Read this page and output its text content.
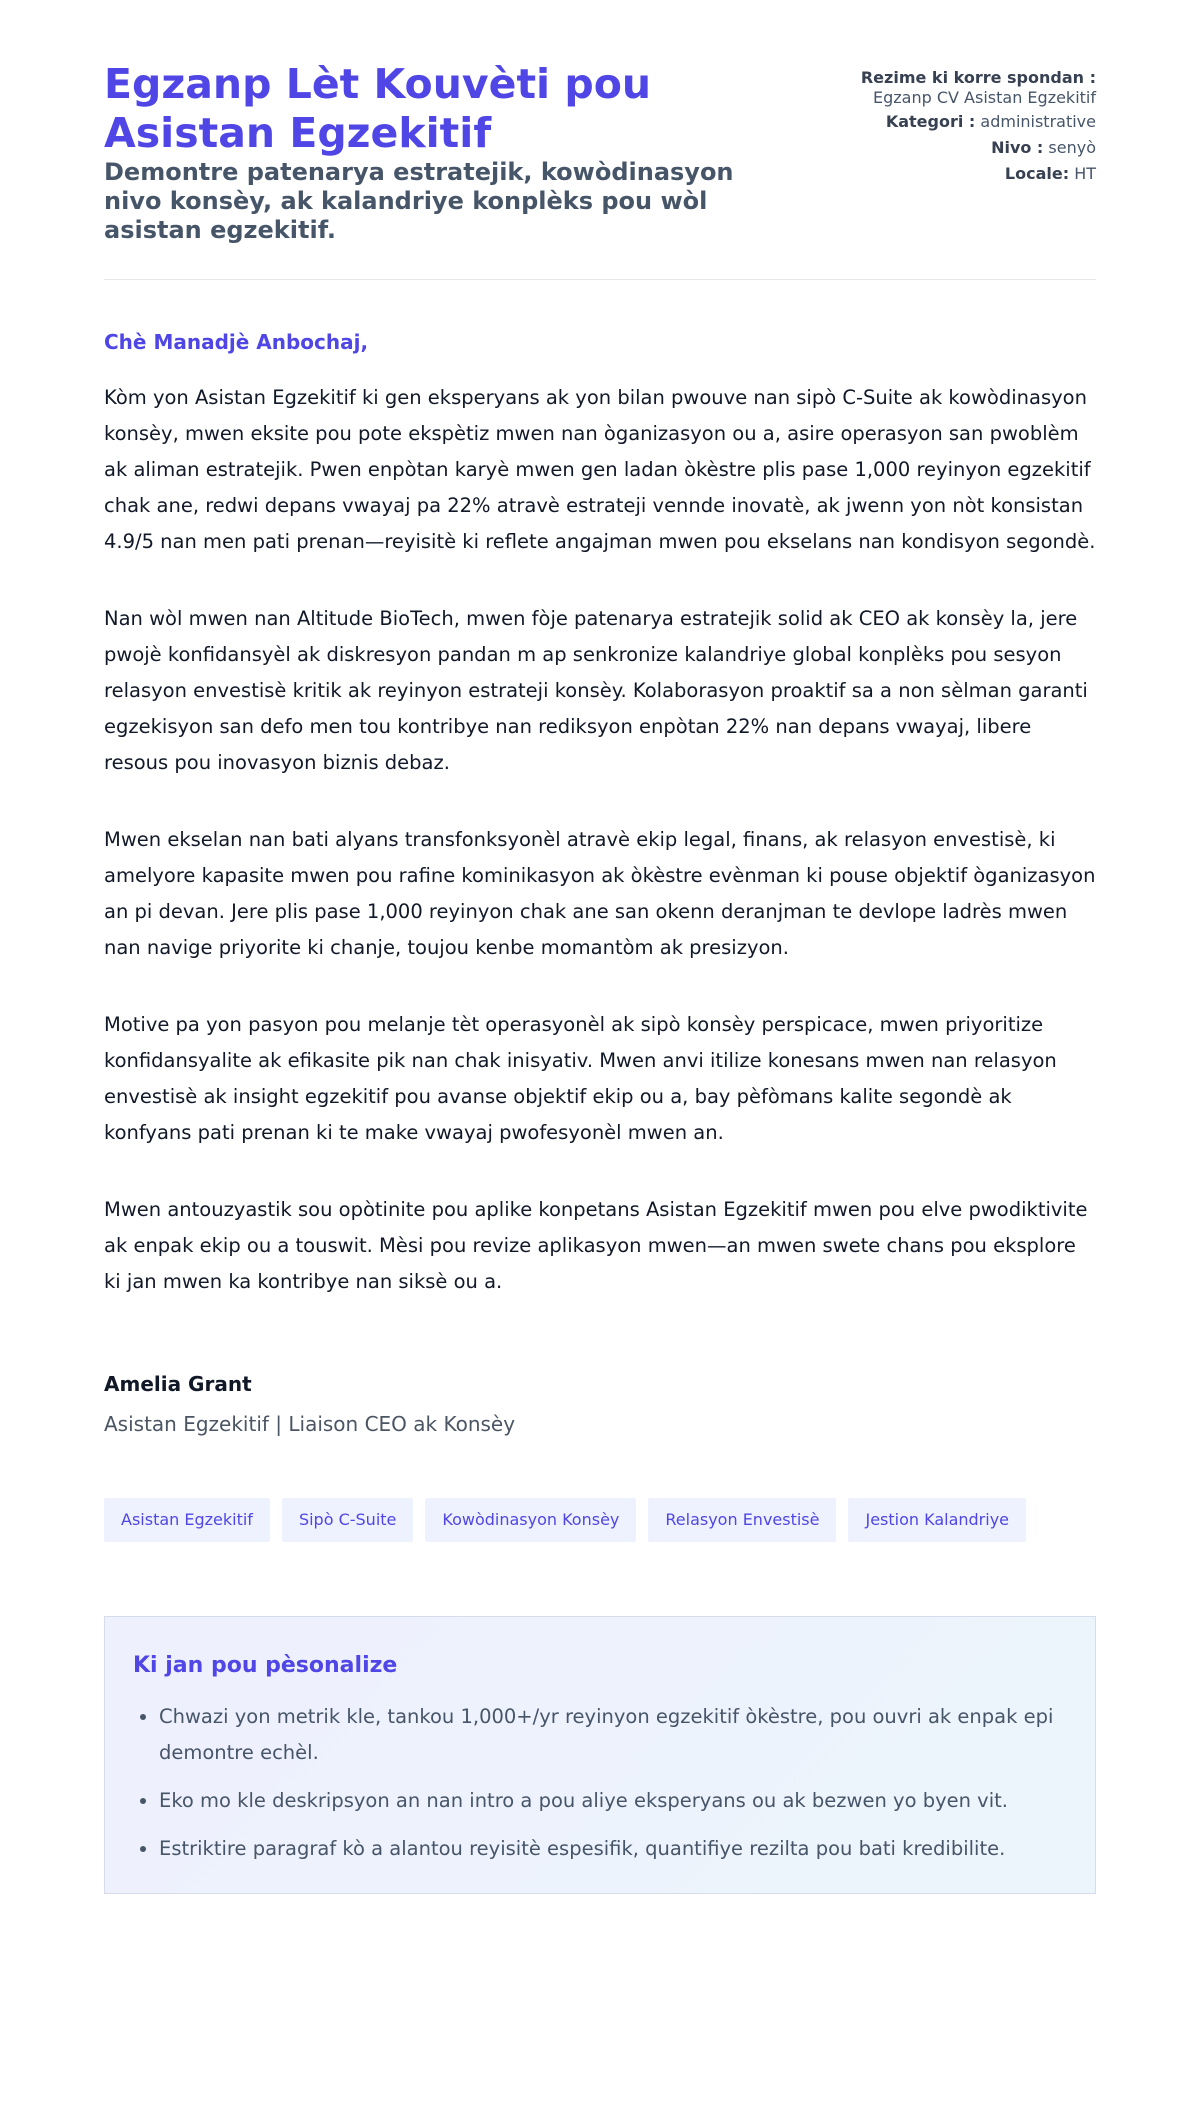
Egzanp Lèt Kouvèti pou Asistan Egzekitif
Demontre patenarya estratejik, kowòdinasyon nivo konsèy, ak kalandriye konplèks pou wòl asistan egzekitif.
Rezime ki korre spondan : Egzanp CV Asistan Egzekitif
Kategori : administrative
Nivo : senyò
Locale: HT
Chè Manadjè Anbochaj,

Kòm yon Asistan Egzekitif ki gen eksperyans ak yon bilan pwouve nan sipò C-Suite ak kowòdinasyon konsèy, mwen eksite pou pote ekspètiz mwen nan òganizasyon ou a, asire operasyon san pwoblèm ak aliman estratejik. Pwen enpòtan karyè mwen gen ladan òkèstre plis pase 1,000 reyinyon egzekitif chak ane, redwi depans vwayaj pa 22% atravè estrateji vennde inovatè, ak jwenn yon nòt konsistan 4.9/5 nan men pati prenan—reyisitè ki reflete angajman mwen pou ekselans nan kondisyon segondè.

Nan wòl mwen nan Altitude BioTech, mwen fòje patenarya estratejik solid ak CEO ak konsèy la, jere pwojè konfidansyèl ak diskresyon pandan m ap senkronize kalandriye global konplèks pou sesyon relasyon envestisè kritik ak reyinyon estrateji konsèy. Kolaborasyon proaktif sa a non sèlman garanti egzekisyon san defo men tou kontribye nan rediksyon enpòtan 22% nan depans vwayaj, libere resous pou inovasyon biznis debaz.

Mwen ekselan nan bati alyans transfonksyonèl atravè ekip legal, finans, ak relasyon envestisè, ki amelyore kapasite mwen pou rafine kominikasyon ak òkèstre evènman ki pouse objektif òganizasyon an pi devan. Jere plis pase 1,000 reyinyon chak ane san okenn deranjman te devlope ladrès mwen nan navige priyorite ki chanje, toujou kenbe momantòm ak presizyon.

Motive pa yon pasyon pou melanje tèt operasyonèl ak sipò konsèy perspicace, mwen priyoritize konfidansyalite ak efikasite pik nan chak inisyativ. Mwen anvi itilize konesans mwen nan relasyon envestisè ak insight egzekitif pou avanse objektif ekip ou a, bay pèfòmans kalite segondè ak konfyans pati prenan ki te make vwayaj pwofesyonèl mwen an.

Mwen antouzyastik sou opòtinite pou aplike konpetans Asistan Egzekitif mwen pou elve pwodiktivite ak enpak ekip ou a touswit. Mèsi pou revize aplikasyon mwen—an mwen swete chans pou eksplore ki jan mwen ka kontribye nan siksè ou a.

Amelia Grant
Asistan Egzekitif | Liaison CEO ak Konsèy
Asistan Egzekitif	Sipò C-Suite	Kowòdinasyon Konsèy	Relasyon Envestisè	Jestion Kalandriye
Ki jan pou pèsonalize
• Chwazi yon metrik kle, tankou 1,000+/yr reyinyon egzekitif òkèstre, pou ouvri ak enpak epi demontre echèl.
• Eko mo kle deskripsyon an nan intro a pou aliye eksperyans ou ak bezwen yo byen vit.
• Estriktire paragraf kò a alantou reyisitè espesifik, quantifiye rezilta pou bati kredibilite.
